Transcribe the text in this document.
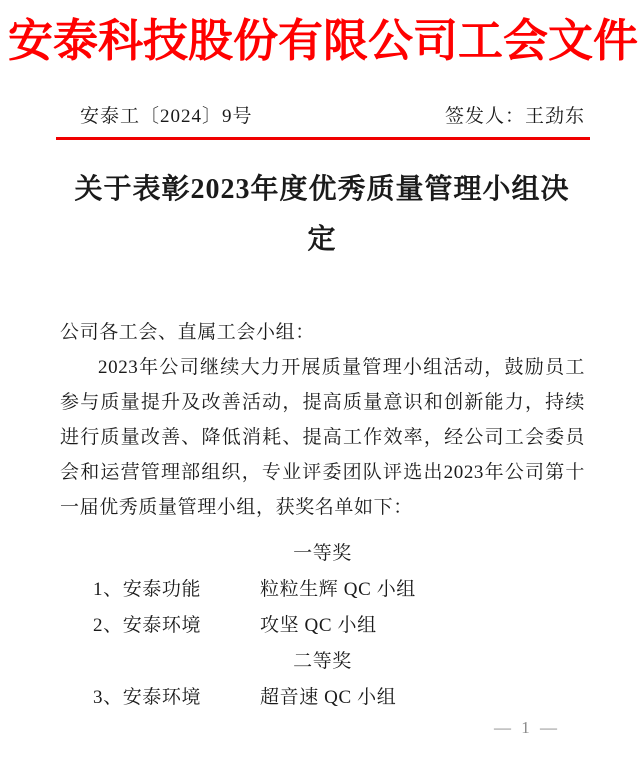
安泰科技股份有限公司工会文件
安泰工〔2024〕9号	签发人：王劲东
关于表彰2023年度优秀质量管理小组决
定

公司各工会、直属工会小组：

2023年公司继续大力开展质量管理小组活动，鼓励员工参与质量提升及改善活动，提高质量意识和创新能力，持续进行质量改善、降低消耗、提高工作效率，经公司工会委员会和运营管理部组织，专业评委团队评选出2023年公司第十一届优秀质量管理小组，获奖名单如下：

一等奖
1、安泰功能	粒粒生辉 QC 小组
2、安泰环境	攻坚 QC 小组
二等奖
3、安泰环境	超音速 QC 小组
— 1 —
